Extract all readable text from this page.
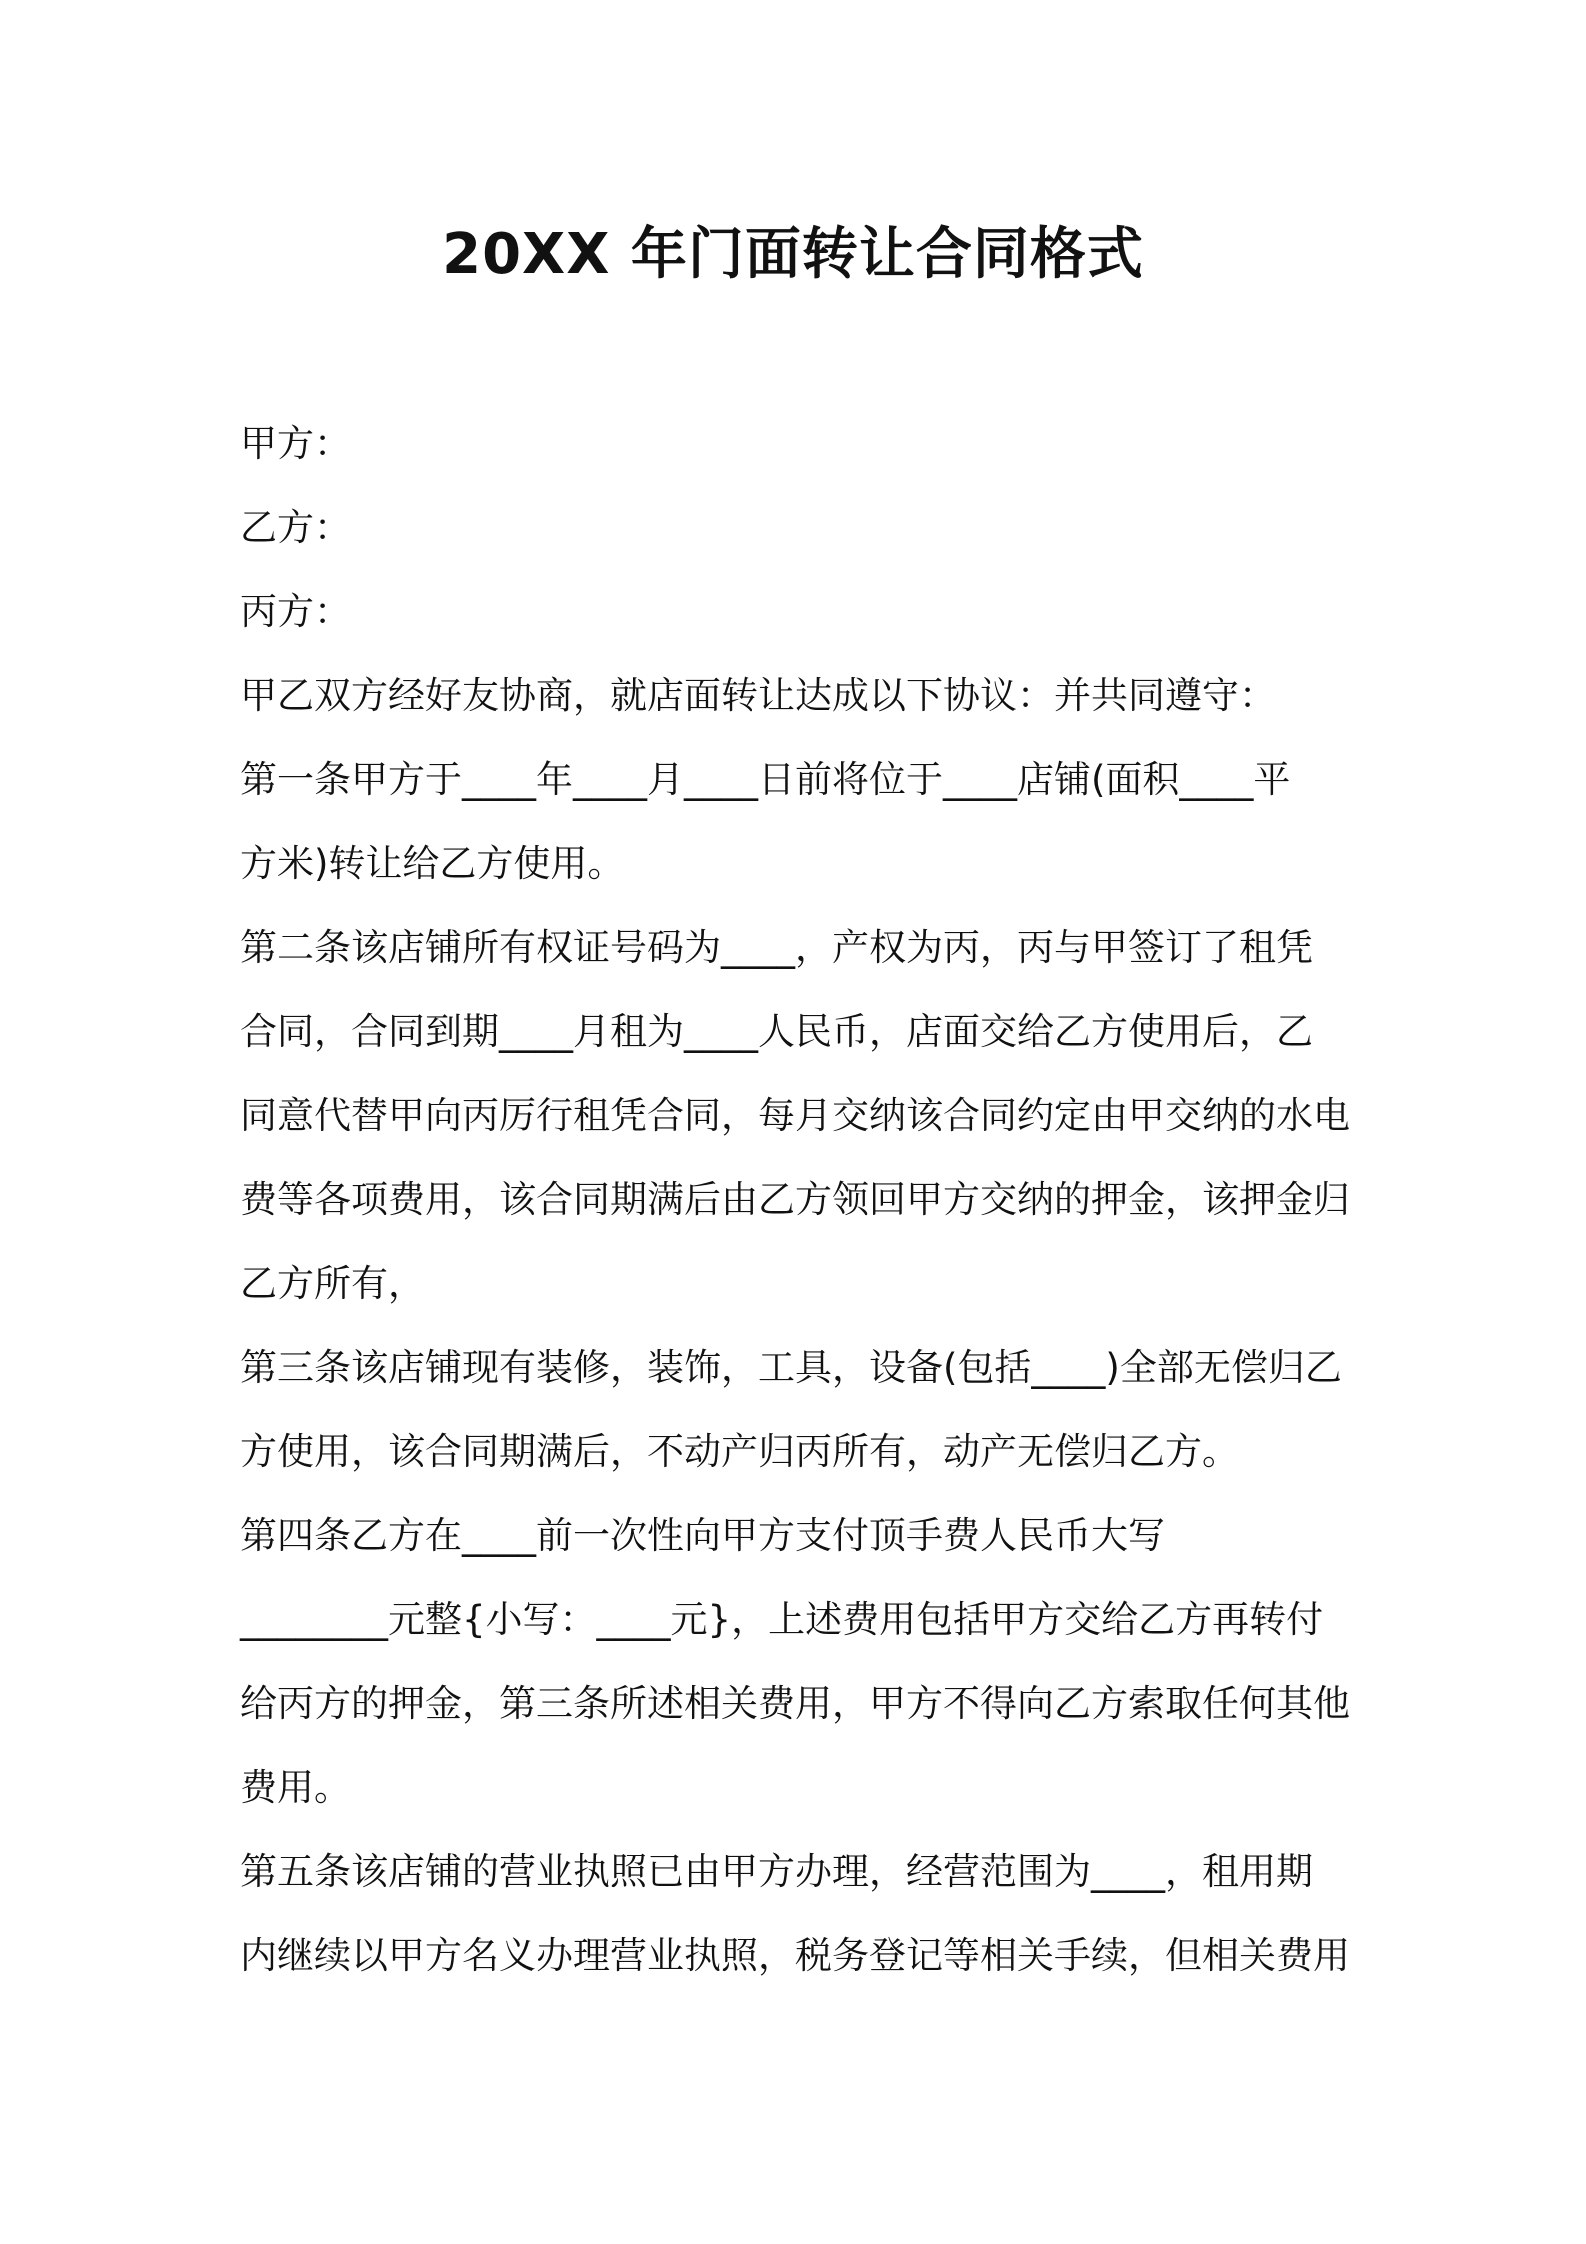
20XX 年门面转让合同格式
甲方：
乙方：
丙方：
甲乙双方经好友协商，就店面转让达成以下协议：并共同遵守：
第一条甲方于____年____月____日前将位于____店铺(面积____平
方米)转让给乙方使用。
第二条该店铺所有权证号码为____，产权为丙，丙与甲签订了租凭
合同，合同到期____月租为____人民币，店面交给乙方使用后，乙
同意代替甲向丙厉行租凭合同，每月交纳该合同约定由甲交纳的水电
费等各项费用，该合同期满后由乙方领回甲方交纳的押金，该押金归
乙方所有，
第三条该店铺现有装修，装饰，工具，设备(包括____)全部无偿归乙
方使用，该合同期满后，不动产归丙所有，动产无偿归乙方。
第四条乙方在____前一次性向甲方支付顶手费人民币大写
________元整{小写：____元}，上述费用包括甲方交给乙方再转付
给丙方的押金，第三条所述相关费用，甲方不得向乙方索取任何其他
费用。
第五条该店铺的营业执照已由甲方办理，经营范围为____，租用期
内继续以甲方名义办理营业执照，税务登记等相关手续，但相关费用
